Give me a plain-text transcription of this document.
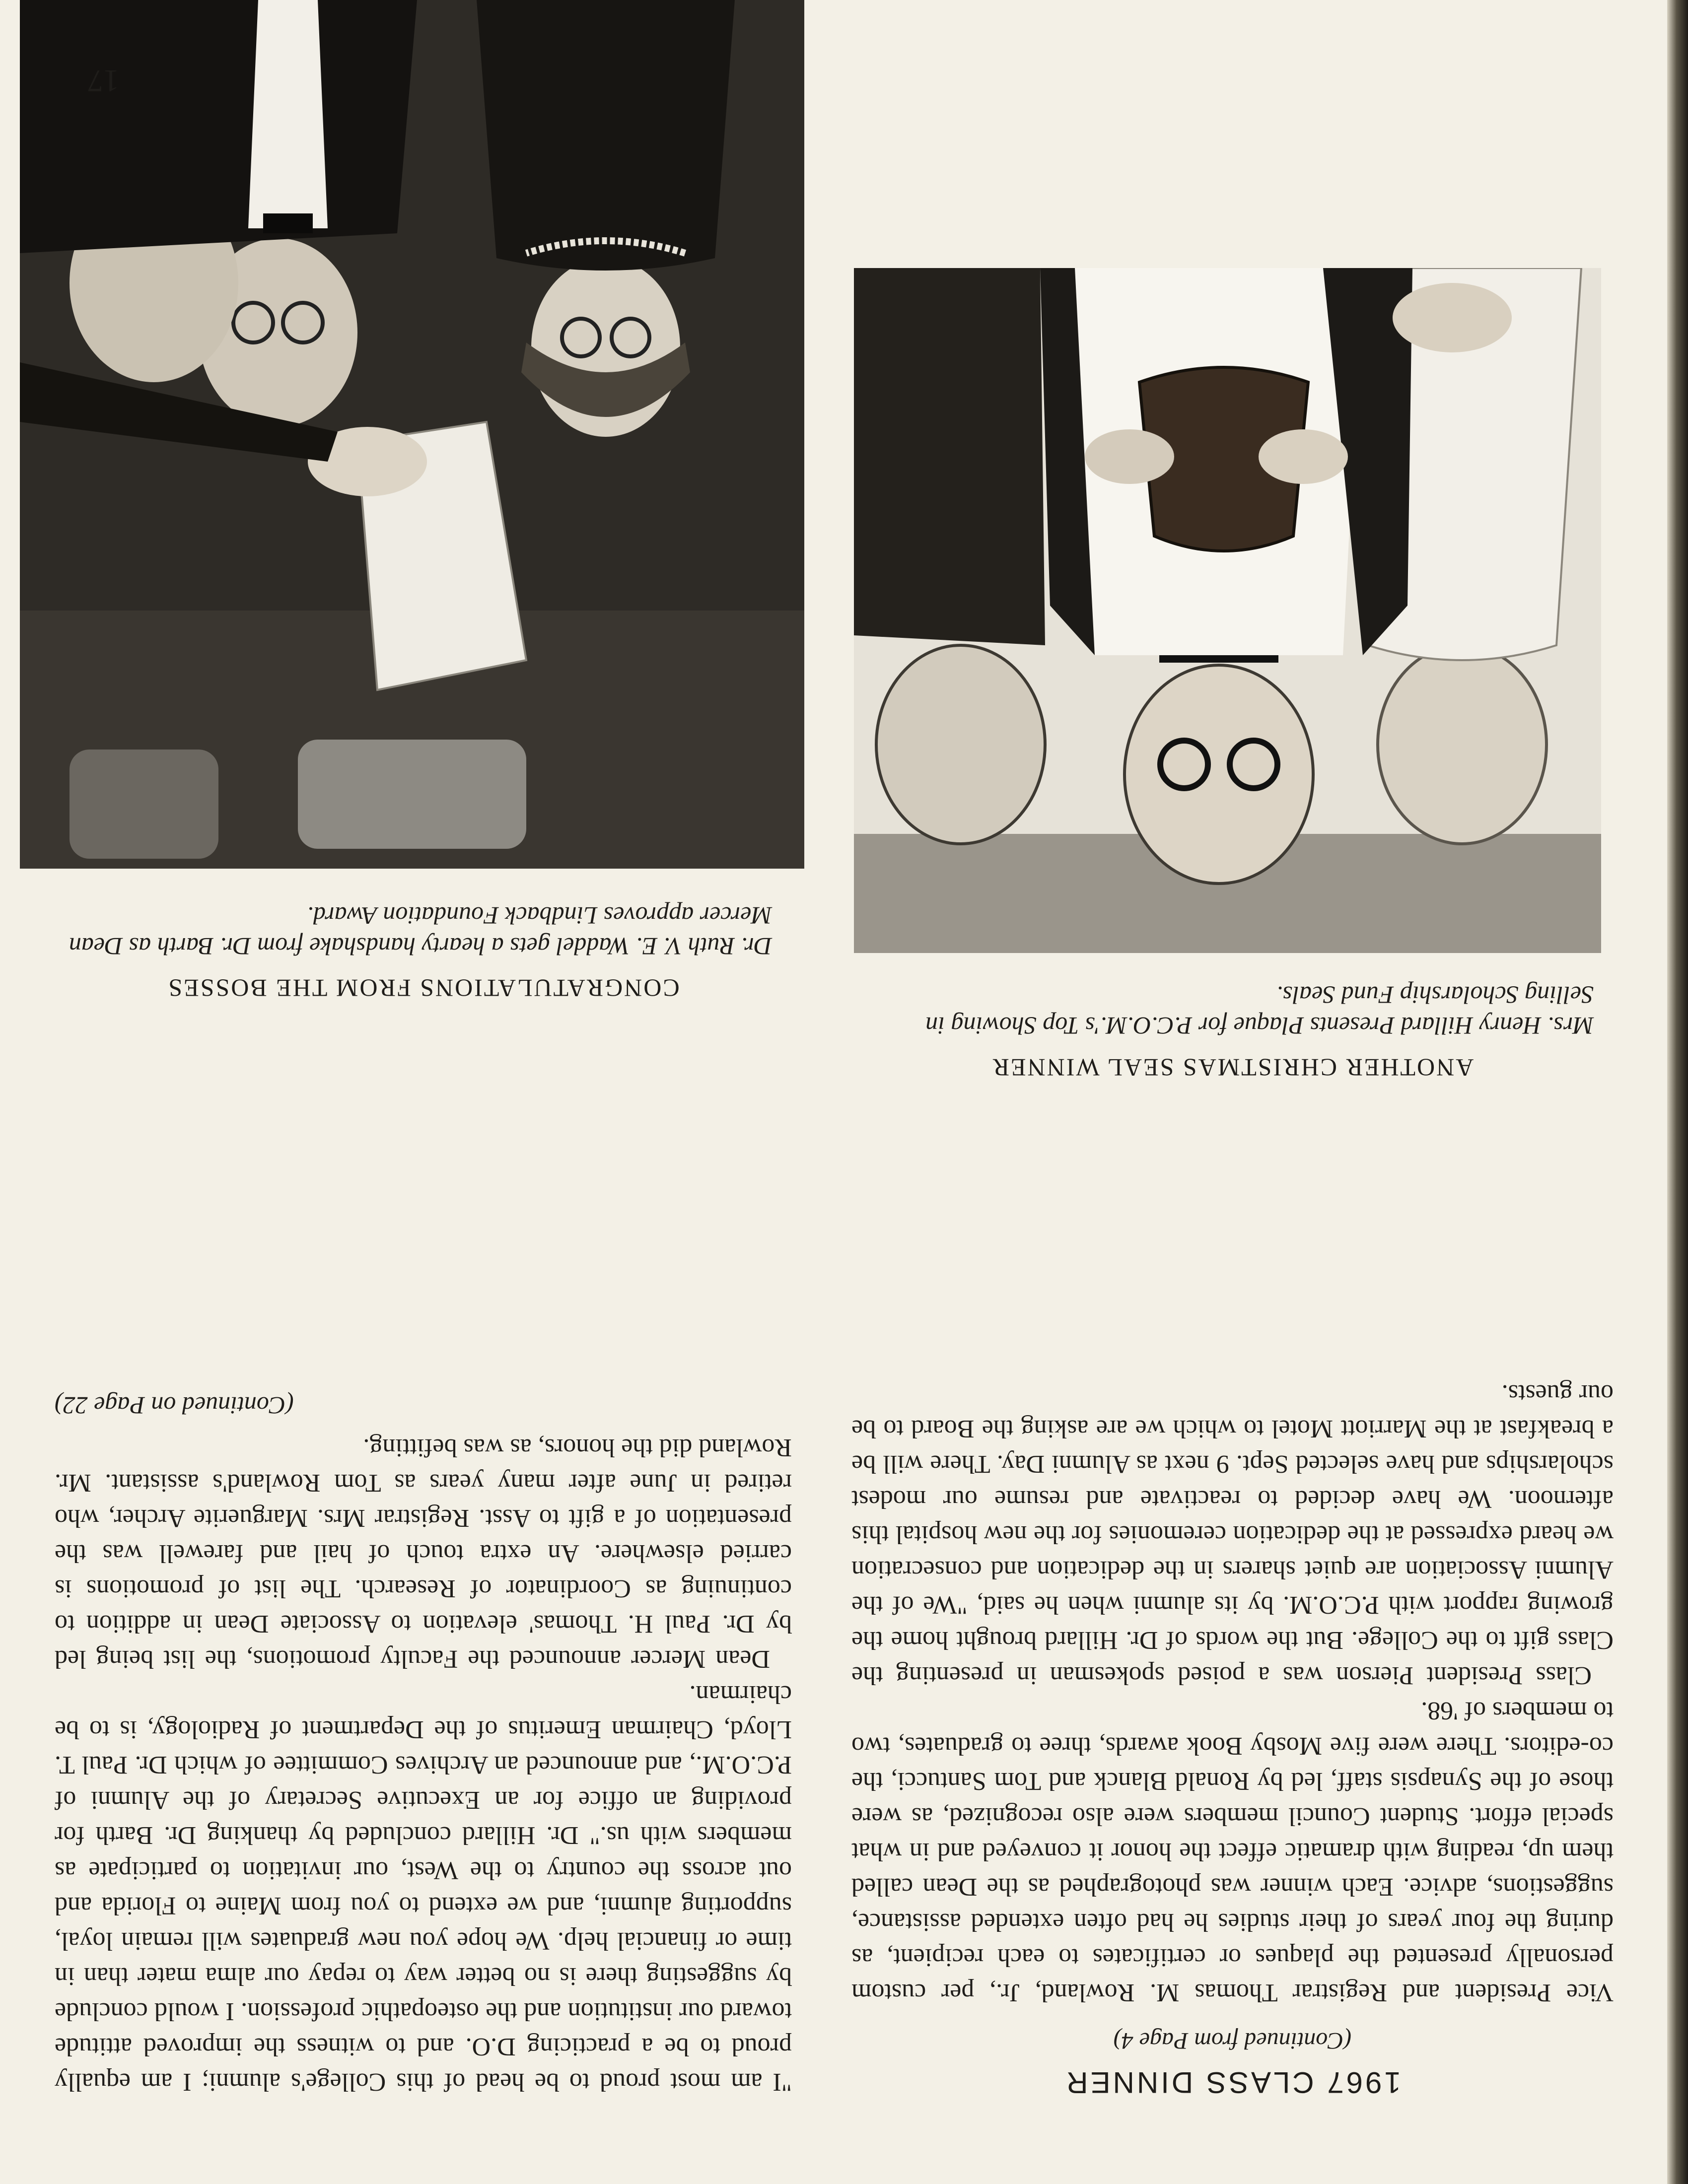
1967 CLASS DINNER
(Continued from Page 4)

Vice President and Registrar Thomas M. Rowland, Jr., per custom personally presented the plaques or certificates to each recipient, as during the four years of their studies he had often extended assistance, suggestions, advice. Each winner was photographed as the Dean called them up, reading with dramatic effect the honor it conveyed and in what special effort. Student Council members were also recognized, as were those of the Synapsis staff, led by Ronald Blanck and Tom Santucci, the co-editors. There were five Mosby Book awards, three to graduates, two to members of '68.

Class President Pierson was a poised spokesman in presenting the Class gift to the College. But the words of Dr. Hillard brought home the growing rapport with P.C.O.M. by its alumni when he said, "We of the Alumni Association are quiet sharers in the dedication and consecration we heard expressed at the dedication ceremonies for the new hospital this afternoon. We have decided to reactivate and resume our modest scholarships and have selected Sept. 9 next as Alumni Day. There will be a breakfast at the Marriott Motel to which we are asking the Board to be our guests.

ANOTHER CHRISTMAS SEAL WINNER
Mrs. Henry Hillard Presents Plaque for P.C.O.M.'s Top Showing in Selling Scholarship Fund Seals.

"I am most proud to be head of this College's alumni; I am equally proud to be a practicing D.O. and to witness the improved attitude toward our institution and the osteopathic profession. I would conclude by suggesting there is no better way to repay our alma mater than in time or financial help. We hope you new graduates will remain loyal, supporting alumni, and we extend to you from Maine to Florida and out across the country to the West, our invitation to participate as members with us." Dr. Hillard concluded by thanking Dr. Barth for providing an office for an Executive Secretary of the Alumni of P.C.O.M., and announced an Archives Committee of which Dr. Paul T. Lloyd, Chairman Emeritus of the Department of Radiology, is to be chairman.

Dean Mercer announced the Faculty promotions, the list being led by Dr. Paul H. Thomas' elevation to Associate Dean in addition to continuing as Coordinator of Research. The list of promotions is carried elsewhere. An extra touch of hail and farewell was the presentation of a gift to Asst. Registrar Mrs. Marguerite Archer, who retired in June after many years as Tom Rowland's assistant. Mr. Rowland did the honors, as was befitting.

(Continued on Page 22)
CONGRATULATIONS FROM THE BOSSES
Dr. Ruth V. E. Waddel gets a hearty handshake from Dr. Barth as Dean Mercer approves Lindback Foundation Award.
17
